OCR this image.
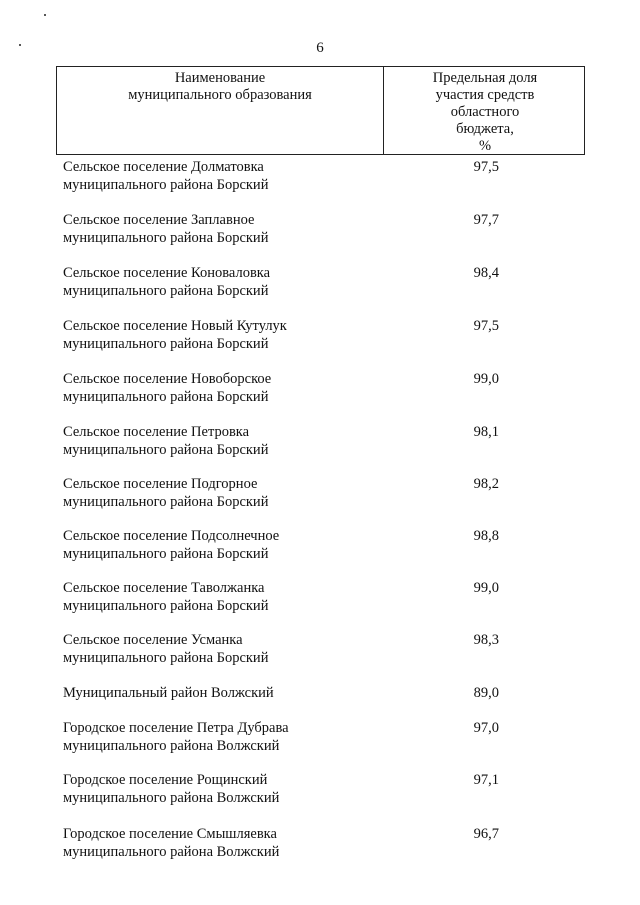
6
Наименование
муниципального образования
Предельная доля
участия средств
областного
бюджета,
%
Сельское поселение Долматовка
муниципального района Борский
97,5
Сельское поселение Заплавное
муниципального района Борский
97,7
Сельское поселение Коноваловка
муниципального района Борский
98,4
Сельское поселение Новый Кутулук
муниципального района Борский
97,5
Сельское поселение Новоборское
муниципального района Борский
99,0
Сельское поселение Петровка
муниципального района Борский
98,1
Сельское поселение Подгорное
муниципального района Борский
98,2
Сельское поселение Подсолнечное
муниципального района Борский
98,8
Сельское поселение Таволжанка
муниципального района Борский
99,0
Сельское поселение Усманка
муниципального района Борский
98,3
Муниципальный район Волжский	89,0
Городское поселение Петра Дубрава
муниципального района Волжский
97,0
Городское поселение Рощинский
муниципального района Волжский
97,1
Городское поселение Смышляевка
муниципального района Волжский
96,7
